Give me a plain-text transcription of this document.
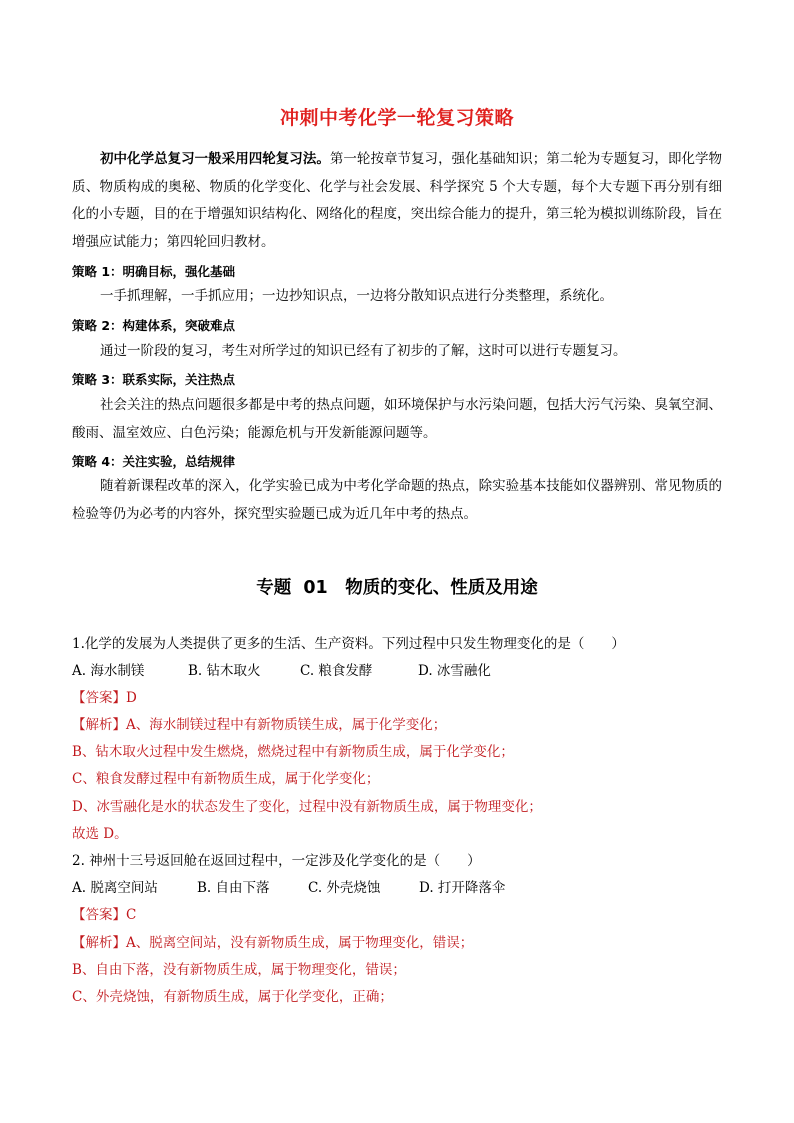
冲刺中考化学一轮复习策略
初中化学总复习一般采用四轮复习法。第一轮按章节复习，强化基础知识；第二轮为专题复习，即化学物质、物质构成的奥秘、物质的化学变化、化学与社会发展、科学探究 5 个大专题，每个大专题下再分别有细化的小专题，目的在于增强知识结构化、网络化的程度，突出综合能力的提升，第三轮为模拟训练阶段，旨在增强应试能力；第四轮回归教材。
策略 1：明确目标，强化基础
一手抓理解，一手抓应用；一边抄知识点，一边将分散知识点进行分类整理，系统化。
策略 2：构建体系，突破难点
通过一阶段的复习，考生对所学过的知识已经有了初步的了解，这时可以进行专题复习。
策略 3：联系实际，关注热点
社会关注的热点问题很多都是中考的热点问题，如环境保护与水污染问题，包括大污气污染、臭氧空洞、酸雨、温室效应、白色污染；能源危机与开发新能源问题等。
策略 4：关注实验，总结规律
随着新课程改革的深入，化学实验已成为中考化学命题的热点，除实验基本技能如仪器辨别、常见物质的检验等仍为必考的内容外，探究型实验题已成为近几年中考的热点。
专题 01　物质的变化、性质及用途
1.化学的发展为人类提供了更多的生活、生产资料。下列过程中只发生物理变化的是（　　）
A. 海水制镁	B. 钻木取火	C. 粮食发酵	D. 冰雪融化
【答案】D
【解析】A、海水制镁过程中有新物质镁生成，属于化学变化；
B、钻木取火过程中发生燃烧，燃烧过程中有新物质生成，属于化学变化；
C、粮食发酵过程中有新物质生成，属于化学变化；
D、冰雪融化是水的状态发生了变化，过程中没有新物质生成，属于物理变化；
故选 D。
2. 神州十三号返回舱在返回过程中，一定涉及化学变化的是（　　）
A. 脱离空间站	B. 自由下落	C. 外壳烧蚀	D. 打开降落伞
【答案】C
【解析】A、脱离空间站，没有新物质生成，属于物理变化，错误；
B、自由下落，没有新物质生成，属于物理变化，错误；
C、外壳烧蚀，有新物质生成，属于化学变化，正确；
